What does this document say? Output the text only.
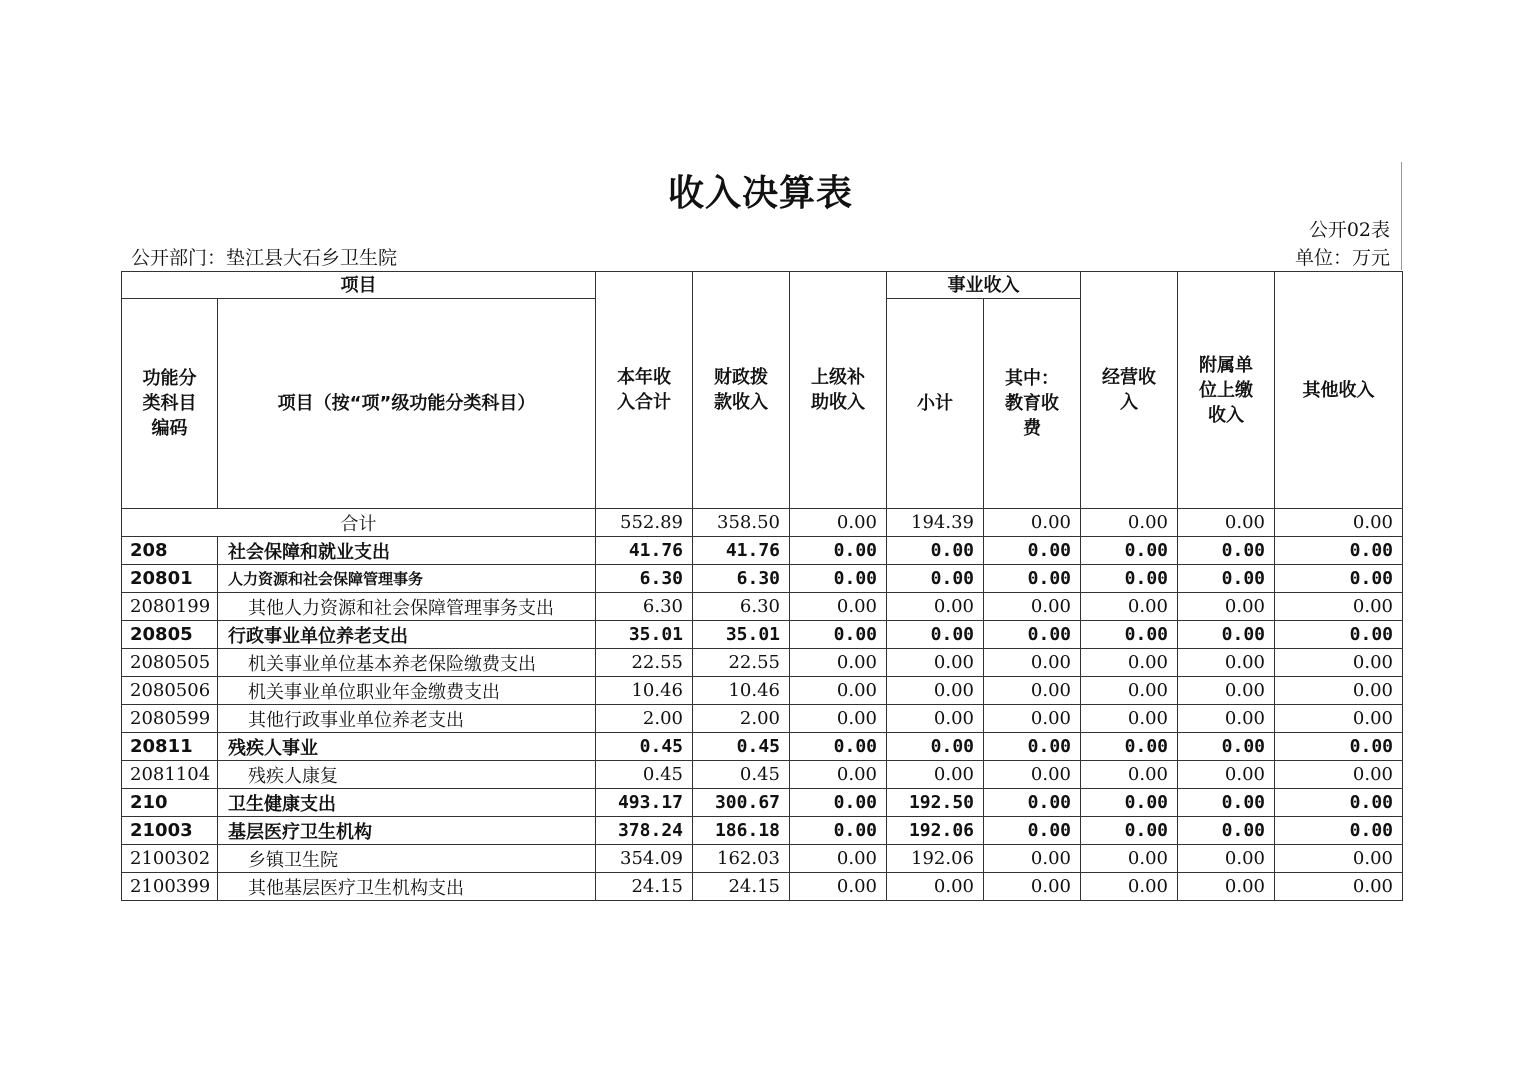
收入决算表
公开02表
公开部门：垫江县大石乡卫生院	单位：万元
项目		本年收入合计	财政拨款收入	上级补助收入	事业收入		经营收入	附属单位上缴收入	其他收入

功能分类科目编码	项目（按“项”级功能分类科目）				小计	其中：教育收费			

合计		552.89	358.50	0.00	194.39	0.00	0.00	0.00	0.00
208	社会保障和就业支出	41.76	41.76	0.00	0.00	0.00	0.00	0.00	0.00
20801	人力资源和社会保障管理事务	6.30	6.30	0.00	0.00	0.00	0.00	0.00	0.00
2080199	其他人力资源和社会保障管理事务支出	6.30	6.30	0.00	0.00	0.00	0.00	0.00	0.00
20805	行政事业单位养老支出	35.01	35.01	0.00	0.00	0.00	0.00	0.00	0.00
2080505	机关事业单位基本养老保险缴费支出	22.55	22.55	0.00	0.00	0.00	0.00	0.00	0.00
2080506	机关事业单位职业年金缴费支出	10.46	10.46	0.00	0.00	0.00	0.00	0.00	0.00
2080599	其他行政事业单位养老支出	2.00	2.00	0.00	0.00	0.00	0.00	0.00	0.00
20811	残疾人事业	0.45	0.45	0.00	0.00	0.00	0.00	0.00	0.00
2081104	残疾人康复	0.45	0.45	0.00	0.00	0.00	0.00	0.00	0.00
210	卫生健康支出	493.17	300.67	0.00	192.50	0.00	0.00	0.00	0.00
21003	基层医疗卫生机构	378.24	186.18	0.00	192.06	0.00	0.00	0.00	0.00
2100302	乡镇卫生院	354.09	162.03	0.00	192.06	0.00	0.00	0.00	0.00
2100399	其他基层医疗卫生机构支出	24.15	24.15	0.00	0.00	0.00	0.00	0.00	0.00
